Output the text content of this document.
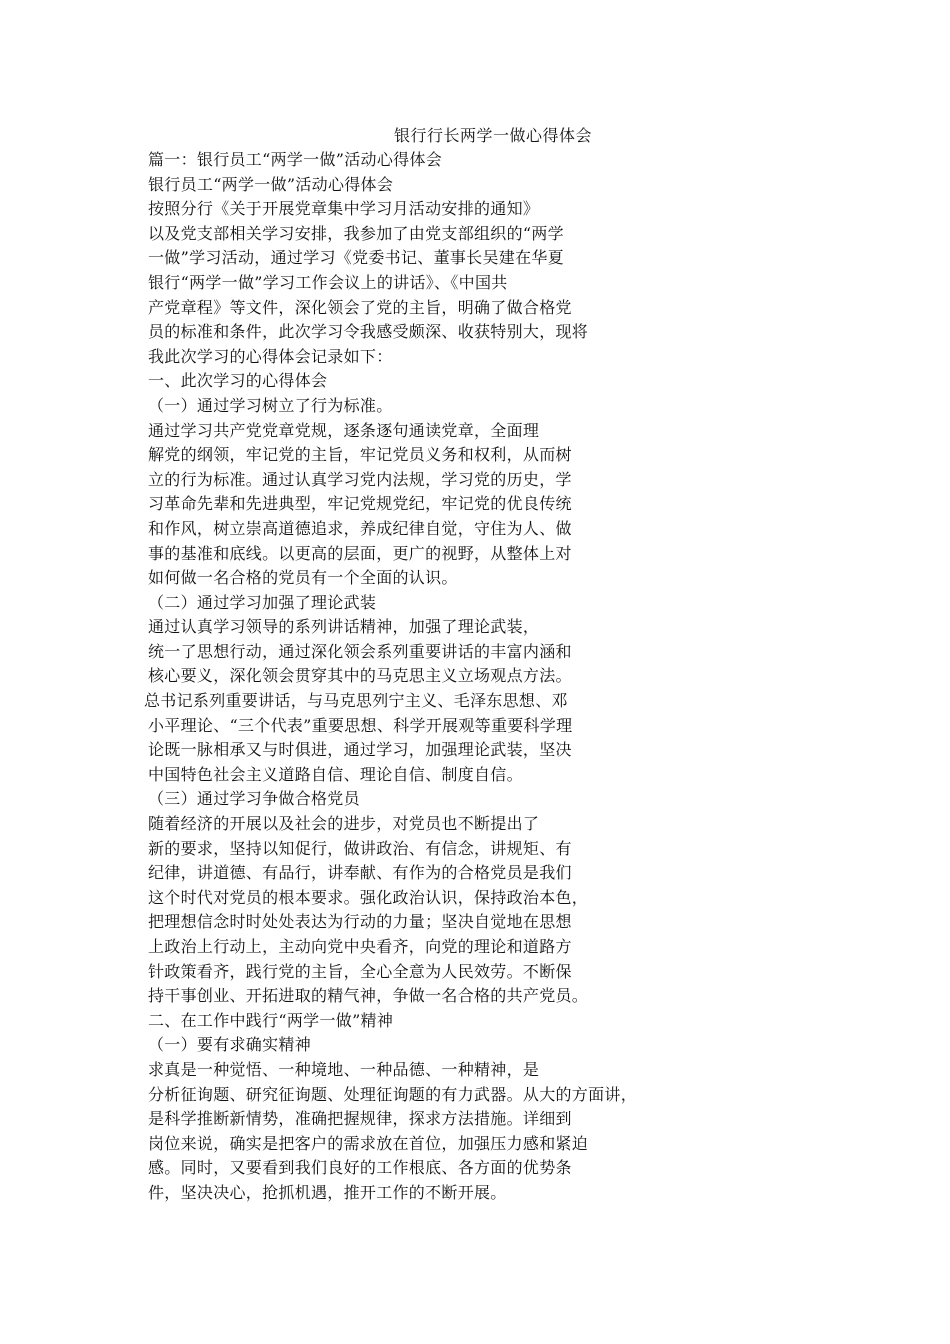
银行行长两学一做心得体会
篇一：银行员工“两学一做”活动心得体会
银行员工“两学一做”活动心得体会
按照分行《关于开展党章集中学习月活动安排的通知》
以及党支部相关学习安排，我参加了由党支部组织的“两学
一做”学习活动，通过学习《党委书记、董事长吴建在华夏
银行“两学一做”学习工作会议上的讲话》、《中国共
产党章程》等文件，深化领会了党的主旨，明确了做合格党
员的标准和条件，此次学习令我感受颇深、收获特别大，现将
我此次学习的心得体会记录如下：
一、此次学习的心得体会
（一）通过学习树立了行为标准。
通过学习共产党党章党规，逐条逐句通读党章，全面理
解党的纲领，牢记党的主旨，牢记党员义务和权利，从而树
立的行为标准。通过认真学习党内法规，学习党的历史，学
习革命先辈和先进典型，牢记党规党纪，牢记党的优良传统
和作风，树立崇高道德追求，养成纪律自觉，守住为人、做
事的基准和底线。以更高的层面，更广的视野，从整体上对
如何做一名合格的党员有一个全面的认识。
（二）通过学习加强了理论武装
通过认真学习领导的系列讲话精神，加强了理论武装，
统一了思想行动，通过深化领会系列重要讲话的丰富内涵和
核心要义，深化领会贯穿其中的马克思主义立场观点方法。
总书记系列重要讲话，与马克思列宁主义、毛泽东思想、邓
小平理论、“三个代表”重要思想、科学开展观等重要科学理
论既一脉相承又与时俱进，通过学习，加强理论武装，坚决
中国特色社会主义道路自信、理论自信、制度自信。
（三）通过学习争做合格党员
随着经济的开展以及社会的进步，对党员也不断提出了
新的要求，坚持以知促行，做讲政治、有信念，讲规矩、有
纪律，讲道德、有品行，讲奉献、有作为的合格党员是我们
这个时代对党员的根本要求。强化政治认识，保持政治本色，
把理想信念时时处处表达为行动的力量；坚决自觉地在思想
上政治上行动上，主动向党中央看齐，向党的理论和道路方
针政策看齐，践行党的主旨，全心全意为人民效劳。不断保
持干事创业、开拓进取的精气神，争做一名合格的共产党员。
二、在工作中践行“两学一做”精神
（一）要有求确实精神
求真是一种觉悟、一种境地、一种品德、一种精神，是
分析征询题、研究征询题、处理征询题的有力武器。从大的方面讲，
是科学推断新情势，准确把握规律，探求方法措施。详细到
岗位来说，确实是把客户的需求放在首位，加强压力感和紧迫
感。同时，又要看到我们良好的工作根底、各方面的优势条
件，坚决决心，抢抓机遇，推开工作的不断开展。
